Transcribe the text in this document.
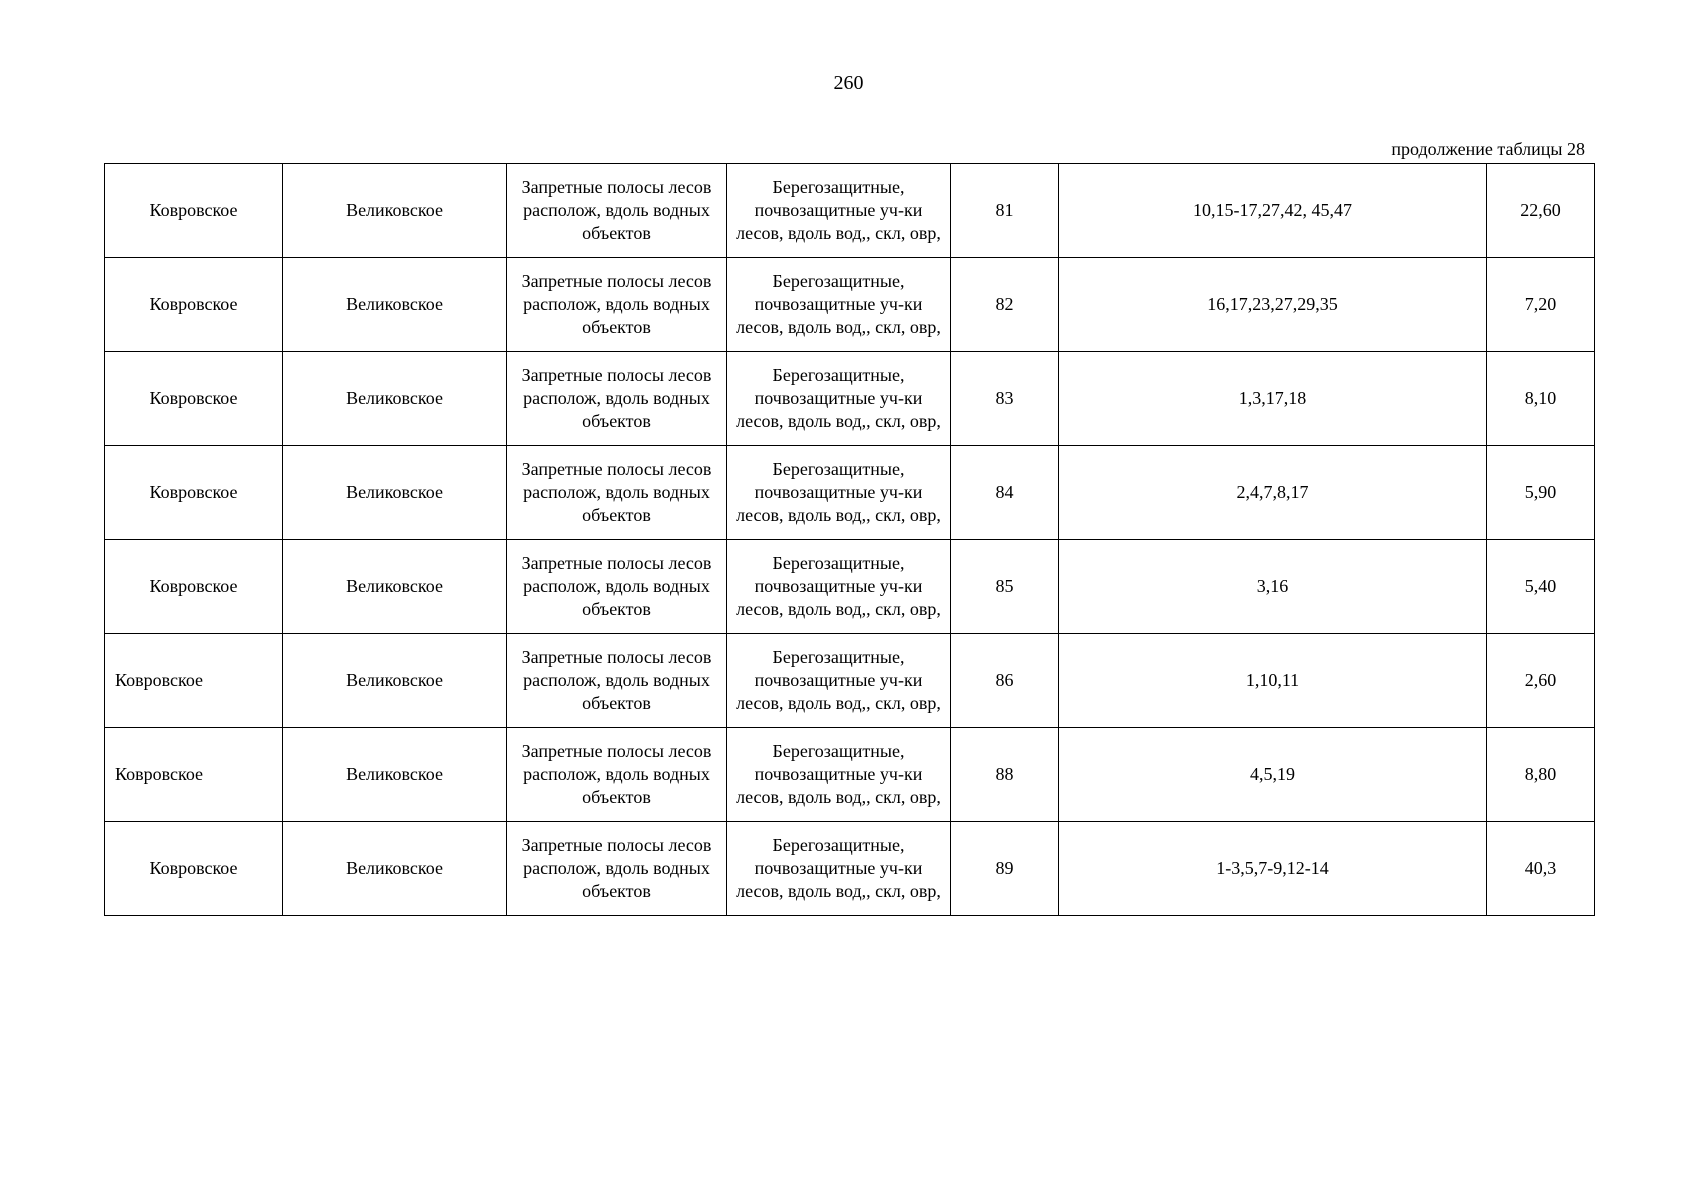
260
продолжение таблицы 28
Ковровское	Великовское	Запретные полосы лесов располож, вдоль водных объектов	Берегозащитные, почвозащитные уч-ки лесов, вдоль вод,, скл, овр,	81	10,15-17,27,42, 45,47	22,60

Ковровское	Великовское	Запретные полосы лесов располож, вдоль водных объектов	Берегозащитные, почвозащитные уч-ки лесов, вдоль вод,, скл, овр,	82	16,17,23,27,29,35	7,20

Ковровское	Великовское	Запретные полосы лесов располож, вдоль водных объектов	Берегозащитные, почвозащитные уч-ки лесов, вдоль вод,, скл, овр,	83	1,3,17,18	8,10

Ковровское	Великовское	Запретные полосы лесов располож, вдоль водных объектов	Берегозащитные, почвозащитные уч-ки лесов, вдоль вод,, скл, овр,	84	2,4,7,8,17	5,90

Ковровское	Великовское	Запретные полосы лесов располож, вдоль водных объектов	Берегозащитные, почвозащитные уч-ки лесов, вдоль вод,, скл, овр,	85	3,16	5,40

Ковровское	Великовское	Запретные полосы лесов располож, вдоль водных объектов	Берегозащитные, почвозащитные уч-ки лесов, вдоль вод,, скл, овр,	86	1,10,11	2,60

Ковровское	Великовское	Запретные полосы лесов располож, вдоль водных объектов	Берегозащитные, почвозащитные уч-ки лесов, вдоль вод,, скл, овр,	88	4,5,19	8,80

Ковровское	Великовское	Запретные полосы лесов располож, вдоль водных объектов	Берегозащитные, почвозащитные уч-ки лесов, вдоль вод,, скл, овр,	89	1-3,5,7-9,12-14	40,3
